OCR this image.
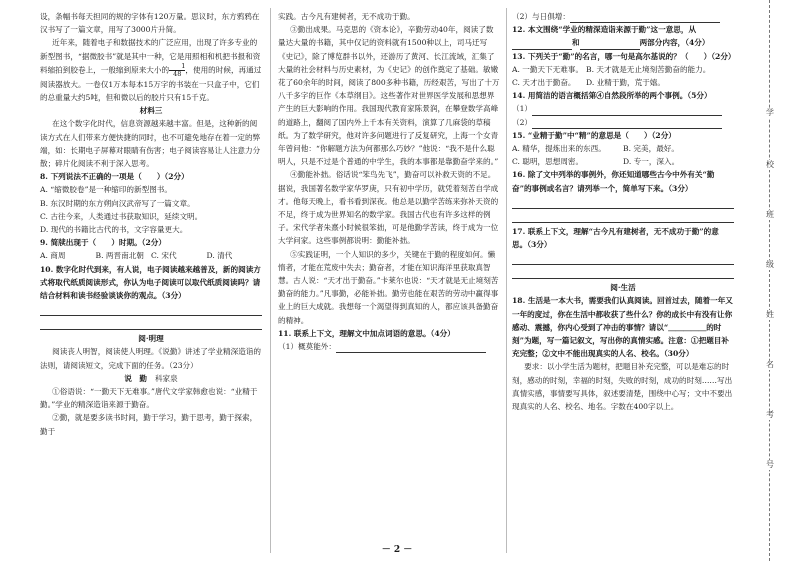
设，条幅书每天担同的规的字体有120万量。思议时，东方鸦鸦在汉书写了一篇文章，用写了3000片升简。

近年来，随着电子和数据技术的广泛应用，出现了许多专业的新型图书，“据微胶书”就是其中一种，它是用照相和机把书报和资料缩拍到胶卷上，一般缩到原来大小的 $\frac{1}{48}$，使用的时候，再通过阅读器放大。一卷仅1万本每本15万字的书装在一只盒子中，它们的总重量大约5吨，但和微以后的胶片只有15千克。

材料三

在这个数字化时代，信息资源越来越丰富。但是，这种新的阅读方式在人们带来方便快捷的同时，也不可避免地存在着一定的弊端，如：长期电子屏幕对眼睛有伤害；电子阅读容易让人注意力分散；碎片化阅读不利于深入思考。

8. 下列说法不正确的一项是（　　）（2分）

A. “缩微胶卷”是一种缩印的新型图书。

B. 东汉时期的东方朔向汉武帝写了一篇文章。

C. 古往今来，人类通过书获取知识，延续文明。

D. 现代的书籍比古代的书，文字容量更大。

9. 简牍出现于（　　）时期。（2分）

A. 商周	B. 两晋南北朝 C. 宋代	D. 清代

10. 数字化时代到来，有人说，电子阅读越来越普及，新的阅读方式将取代纸质阅读形式，你认为电子阅读可以取代纸质阅读吗？请结合材料和读书经验谈谈你的观点。（3分）

阅·明理

阅读丧人明智，阅读使人明理。《说勤》讲述了学业精深造诣的法则，请阅读短文，完成下面的任务。（23分）

说　勤 科家泉

①俗语说：“一勤天下无难事。”唐代文学家韩愈也说：“业精于勤。”学业的精深造诣来源于勤奋。

②勤，就是要多读书时间，勤于学习，勤于思考，勤于探索，勤于

实践。古今凡有建树者，无不成功于勤。

③勤出成果。马克思的《资本论》，辛勤劳动40年，阅读了数量达大量的书籍，其中仅记的资料就有1500种以上，司马迁写《史记》，除了博览群书以外，还游历了黄河、长江流域，汇集了大量的社会材料与历史素材，为《史记》的创作奠定了基础。敏嫩花了60余年的时间，阅读了800多种书籍，历经艰苦，写出了十万八千多字的巨作《本草纲目》。这些著作对世界医学发展和思想界产生的巨大影响的作用。我国现代教育家陈景润，在攀登数学高峰的道路上，翻阅了国内外上千本有关资料，演算了几麻袋的草稿纸。为了数学研究，他对许多问题进行了反复研究，上海一个女青年曾问他：“你解题方法为何都那么巧妙？”他说：“我不是什么聪明人，只是不过是个普通的中学生，我的本事都是靠勤奋学来的。”

④勤能补拙。俗话说“笨鸟先飞”，勤奋可以补救天资的不足。据说，我国著名数学家华罗庚，只有初中学历，就凭着刻苦自学成才。他每天晚上，看书看到深夜。他总是以勤学苦练来弥补天资的不足，终于成为世界知名的数学家。我国古代也有许多这样的例子。宋代学者朱熹小时候很笨拙，可是他勤学苦读，终于成为一位大学问家。这些事例都说明：勤能补拙。

⑤实践证明，一个人知识的多少，关键在于勤的程度如何。懒惰者，才能在荒废中失去；勤奋者，才能在知识海洋里获取真智慧。古人说：“天才出于勤奋。”卡莱尔也说：“天才就是无止境刻苦勤奋的能力。”凡事勤，必能补拙。勤劳也能在艰苦的劳动中赢得事业上的巨大成就。我想每一个渴望得到真知的人，都应该具备勤奋的精神。

11. 联系上下文，理解文中加点词语的意思。（4分）

（1）概莫能外：

（2）与日俱增：

12. 本文围绕“学业的精深造诣来源于勤”这一意思，从和	两部分内容，（4分）

13. 下列关于“勤”的名言，哪一句是高尔基说的？（　　）（2分）

A. 一勤天下无难事。 B. 天才就是无止境刻苦勤奋的能力。
C. 天才出于勤奋。	D. 业精于勤，荒于嬉。

14. 用简洁的语言概括第④自然段所举的两个事例。（5分）

（1）

（2）

15. “业精于勤”中“精”的意思是（　　）（2分）

A. 精华，提炼出来的东西。	B. 完美，最好。
C. 聪明，思想周密。	D. 专一，深入。

16. 除了文中列举的事例外，你还知道哪些古今中外有关“勤奋”的事例或名言？请列举一个，简单写下来。（3分）

17. 联系上下文，理解“古今凡有建树者，无不成功于勤”的意思。（3分）

阅·生活

18. 生活是一本大书，需要我们认真阅读。回首过去，随着一年又一年的度过，你在生活中都收获了些什么？你的成长中有没有让你感动、震撼，你内心受到了冲击的事情？请以“＿＿＿＿＿的时刻”为题，写一篇记叙文，写出你的真情实感。注意：①把题目补充完整；②文中不能出现真实的人名、校名。（30分）

要求：以小学生活为题材，把题目补充完整，可以是难忘的时刻，感动的时刻，幸福的时刻，失败的时刻，成功的时刻……写出真情实感，事情要写具体，叙述要清楚，围绕中心写；文中不要出现真实的人名、校名、地名。字数在400字以上。

学
校
班
级
姓
名
考
号
－ 2 －
